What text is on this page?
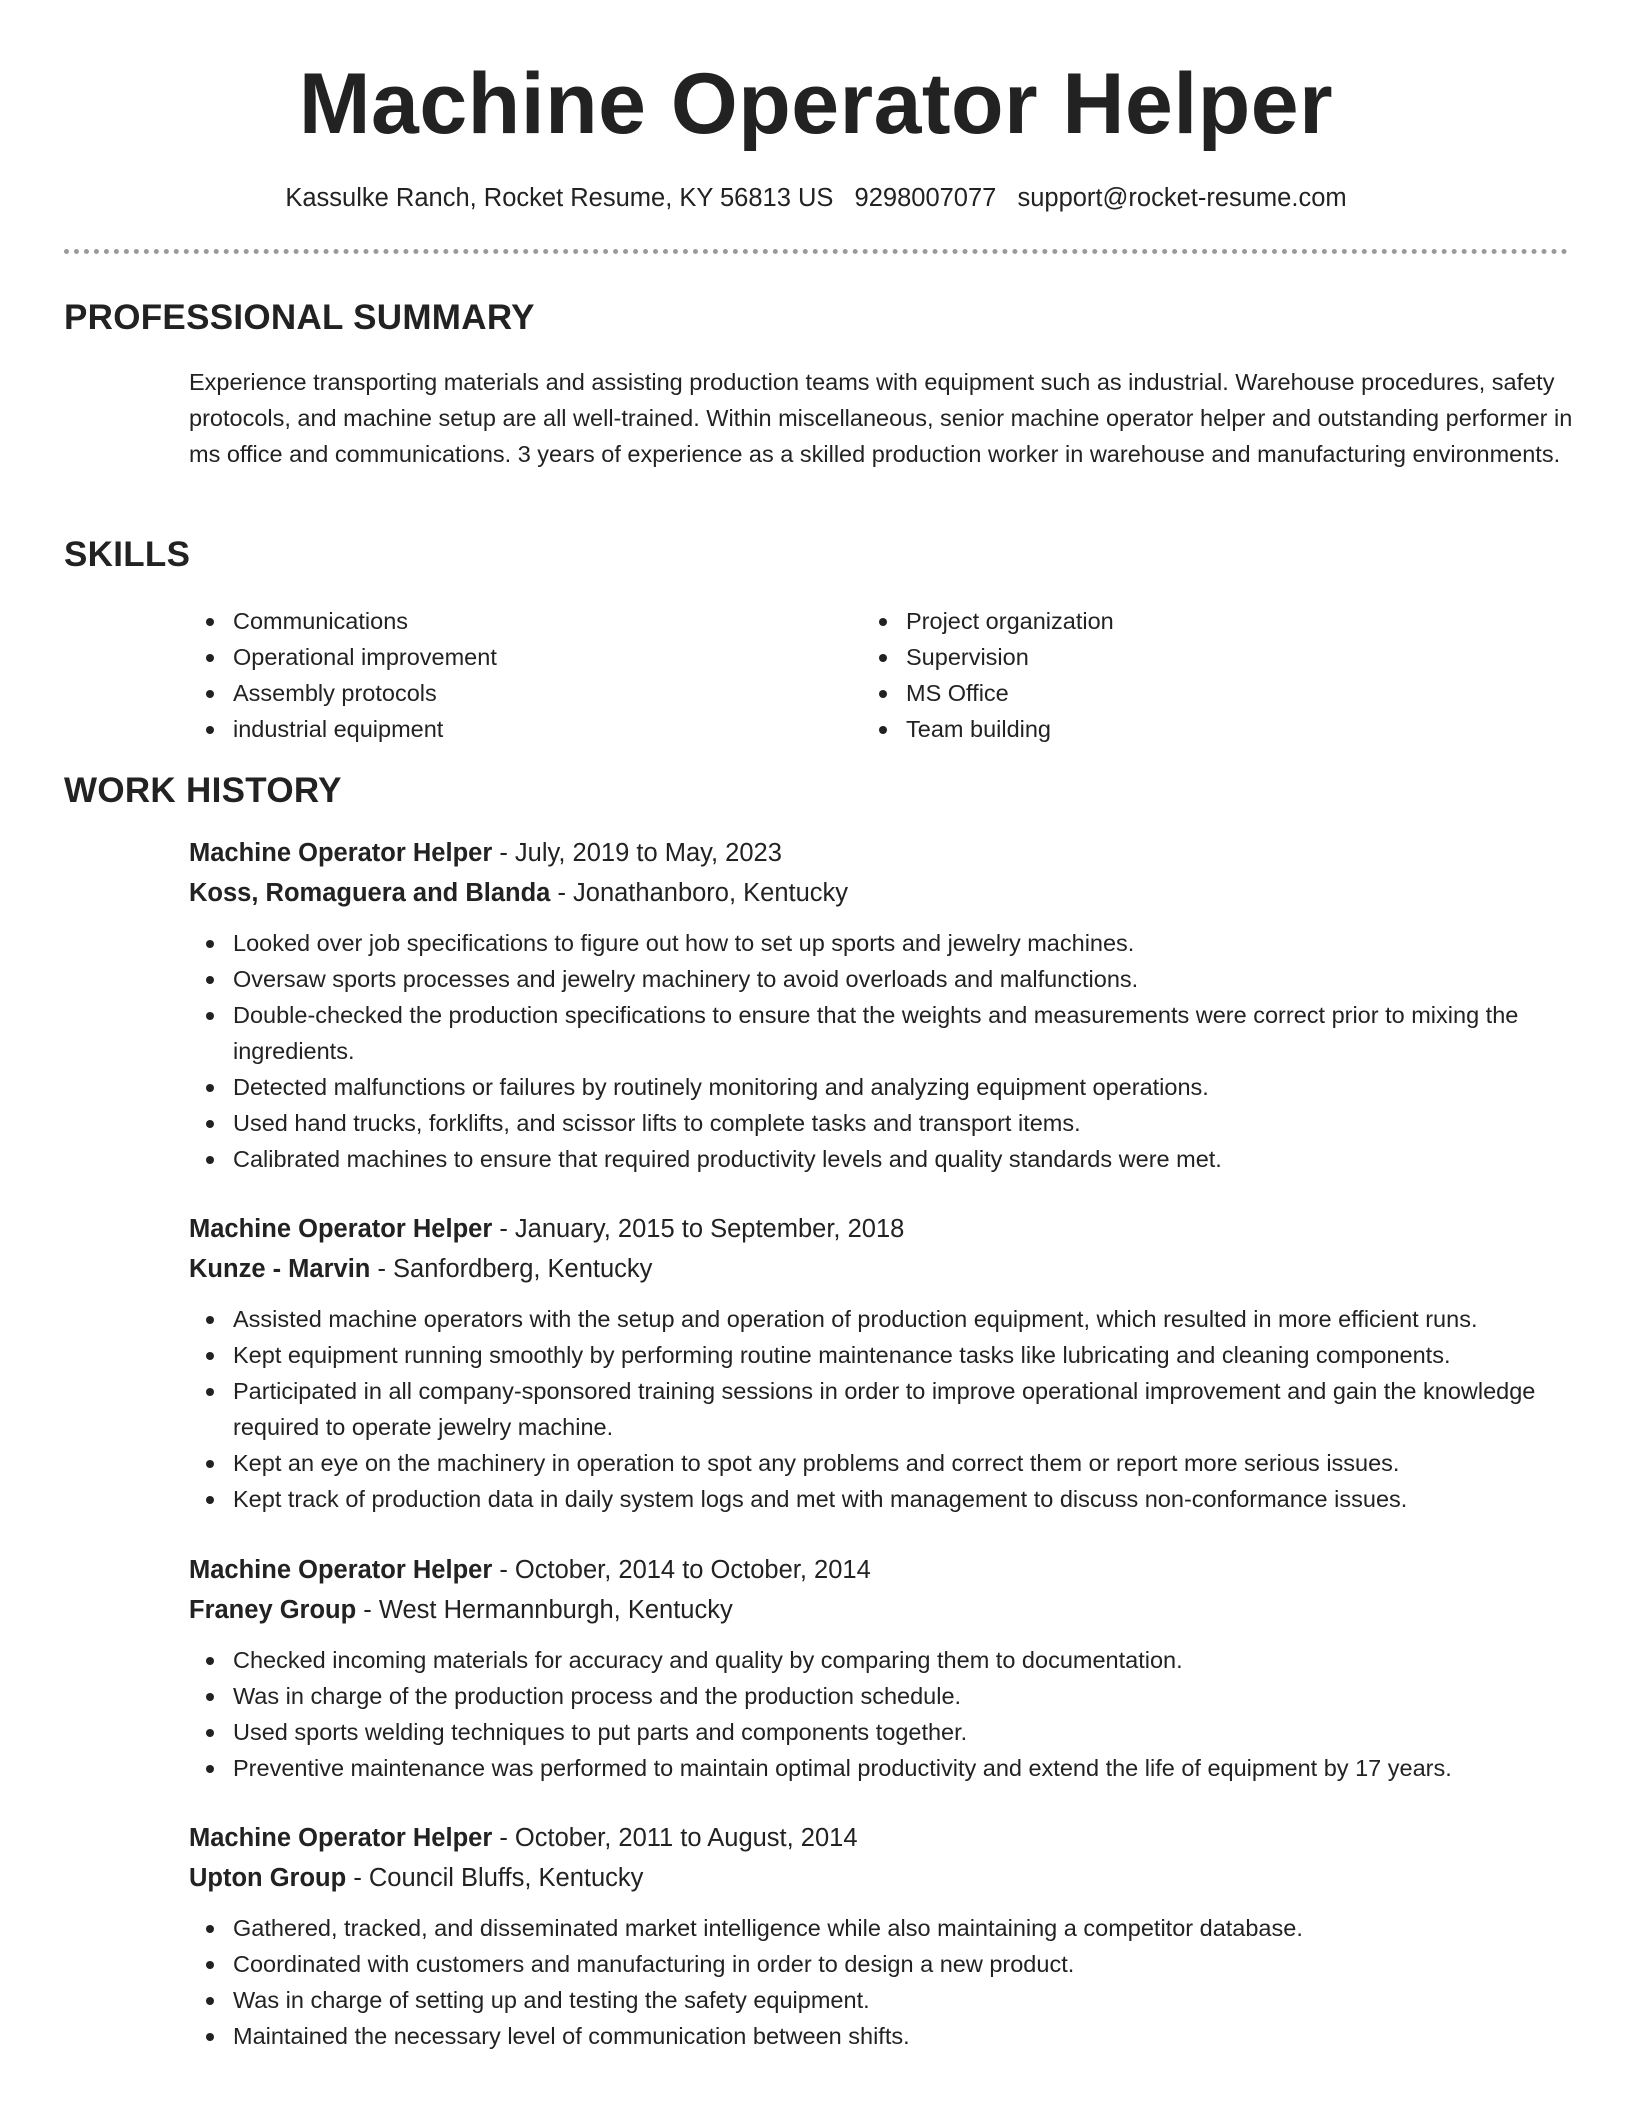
Machine Operator Helper
Kassulke Ranch, Rocket Resume, KY 56813 US 9298007077 support@rocket-resume.com
PROFESSIONAL SUMMARY
Experience transporting materials and assisting production teams with equipment such as industrial. Warehouse procedures, safety protocols, and machine setup are all well-trained. Within miscellaneous, senior machine operator helper and outstanding performer in ms office and communications. 3 years of experience as a skilled production worker in warehouse and manufacturing environments.
SKILLS
Communications
Operational improvement
Assembly protocols
industrial equipment
Project organization
Supervision
MS Office
Team building
WORK HISTORY
Machine Operator Helper - July, 2019 to May, 2023
Koss, Romaguera and Blanda - Jonathanboro, Kentucky
Looked over job specifications to figure out how to set up sports and jewelry machines.
Oversaw sports processes and jewelry machinery to avoid overloads and malfunctions.
Double-checked the production specifications to ensure that the weights and measurements were correct prior to mixing the ingredients.
Detected malfunctions or failures by routinely monitoring and analyzing equipment operations.
Used hand trucks, forklifts, and scissor lifts to complete tasks and transport items.
Calibrated machines to ensure that required productivity levels and quality standards were met.
Machine Operator Helper - January, 2015 to September, 2018
Kunze - Marvin - Sanfordberg, Kentucky
Assisted machine operators with the setup and operation of production equipment, which resulted in more efficient runs.
Kept equipment running smoothly by performing routine maintenance tasks like lubricating and cleaning components.
Participated in all company-sponsored training sessions in order to improve operational improvement and gain the knowledge required to operate jewelry machine.
Kept an eye on the machinery in operation to spot any problems and correct them or report more serious issues.
Kept track of production data in daily system logs and met with management to discuss non-conformance issues.
Machine Operator Helper - October, 2014 to October, 2014
Franey Group - West Hermannburgh, Kentucky
Checked incoming materials for accuracy and quality by comparing them to documentation.
Was in charge of the production process and the production schedule.
Used sports welding techniques to put parts and components together.
Preventive maintenance was performed to maintain optimal productivity and extend the life of equipment by 17 years.
Machine Operator Helper - October, 2011 to August, 2014
Upton Group - Council Bluffs, Kentucky
Gathered, tracked, and disseminated market intelligence while also maintaining a competitor database.
Coordinated with customers and manufacturing in order to design a new product.
Was in charge of setting up and testing the safety equipment.
Maintained the necessary level of communication between shifts.
